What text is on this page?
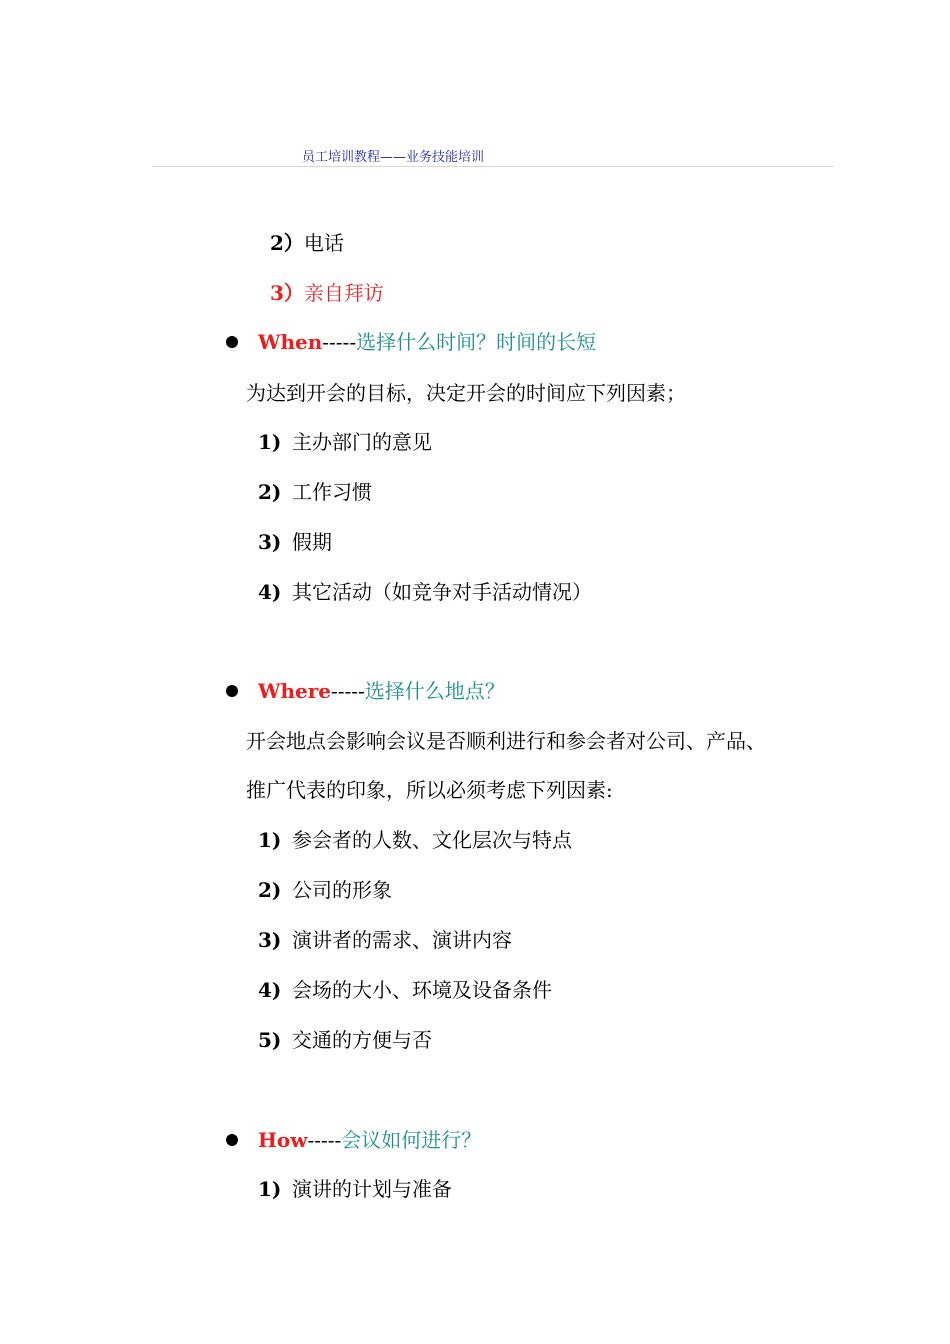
员工培训教程——业务技能培训
2）电话
3）亲自拜访
When-----选择什么时间？时间的长短
为达到开会的目标，决定开会的时间应下列因素；
1) 主办部门的意见
2) 工作习惯
3) 假期
4) 其它活动（如竞争对手活动情况）
Where-----选择什么地点？
开会地点会影响会议是否顺利进行和参会者对公司、产品、
推广代表的印象，所以必须考虑下列因素:
1) 参会者的人数、文化层次与特点
2) 公司的形象
3) 演讲者的需求、演讲内容
4) 会场的大小、环境及设备条件
5) 交通的方便与否
How-----会议如何进行？
1) 演讲的计划与准备
